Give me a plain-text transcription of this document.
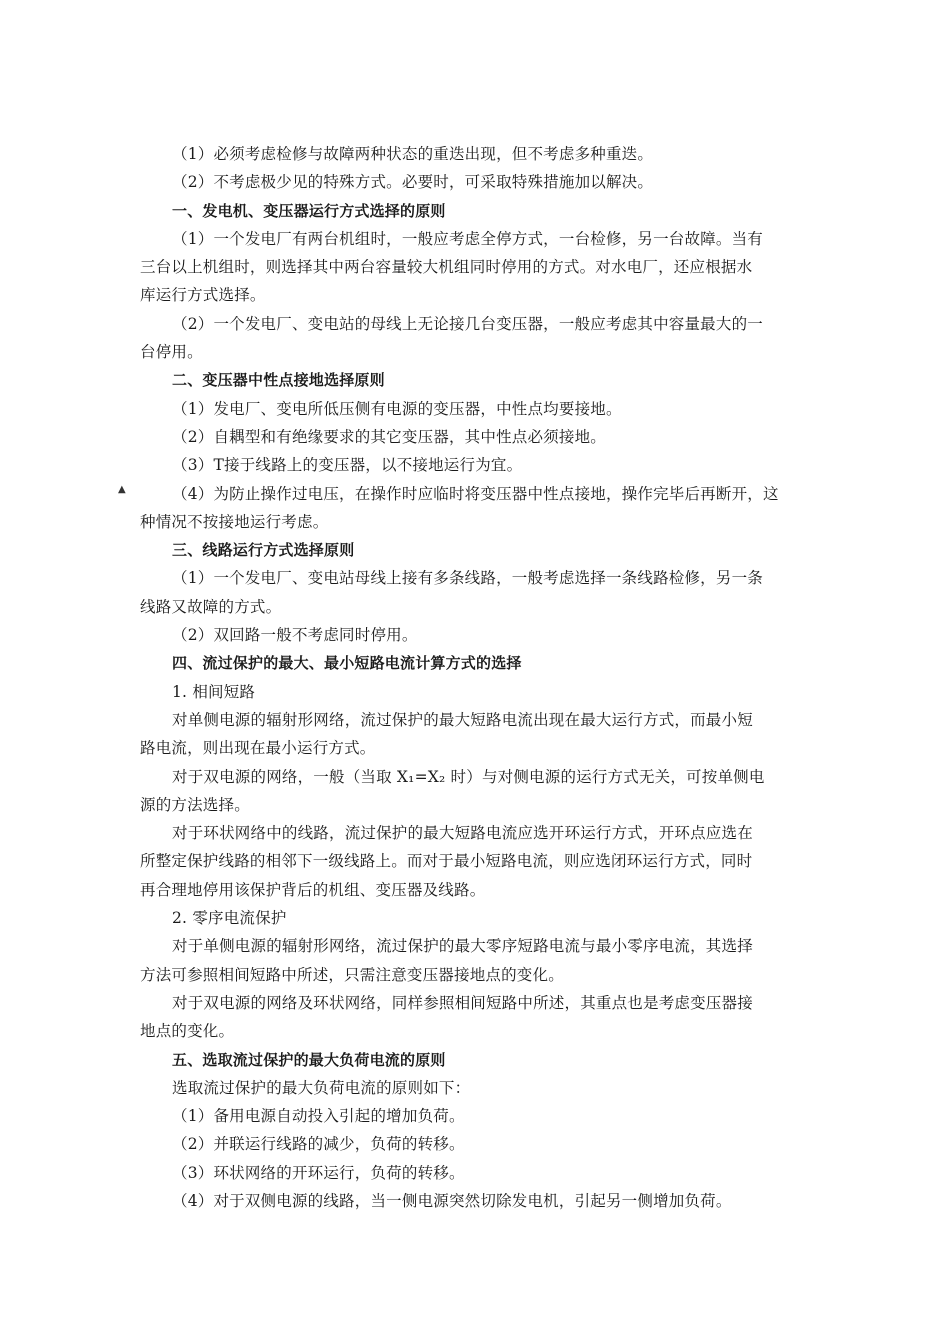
（1）必须考虑检修与故障两种状态的重迭出现，但不考虑多种重迭。
（2）不考虑极少见的特殊方式。必要时，可采取特殊措施加以解决。
一、发电机、变压器运行方式选择的原则
（1）一个发电厂有两台机组时，一般应考虑全停方式，一台检修，另一台故障。当有
三台以上机组时，则选择其中两台容量较大机组同时停用的方式。对水电厂，还应根据水
库运行方式选择。
（2）一个发电厂、变电站的母线上无论接几台变压器，一般应考虑其中容量最大的一
台停用。
二、变压器中性点接地选择原则
（1）发电厂、变电所低压侧有电源的变压器，中性点均要接地。
（2）自耦型和有绝缘要求的其它变压器，其中性点必须接地。
（3）T接于线路上的变压器，以不接地运行为宜。
（4）为防止操作过电压，在操作时应临时将变压器中性点接地，操作完毕后再断开，这
种情况不按接地运行考虑。
三、线路运行方式选择原则
（1）一个发电厂、变电站母线上接有多条线路，一般考虑选择一条线路检修，另一条
线路又故障的方式。
（2）双回路一般不考虑同时停用。
四、流过保护的最大、最小短路电流计算方式的选择
1. 相间短路
对单侧电源的辐射形网络，流过保护的最大短路电流出现在最大运行方式，而最小短
路电流，则出现在最小运行方式。
对于双电源的网络，一般（当取 X₁=X₂ 时）与对侧电源的运行方式无关，可按单侧电
源的方法选择。
对于环状网络中的线路，流过保护的最大短路电流应选开环运行方式，开环点应选在
所整定保护线路的相邻下一级线路上。而对于最小短路电流，则应选闭环运行方式，同时
再合理地停用该保护背后的机组、变压器及线路。
2. 零序电流保护
对于单侧电源的辐射形网络，流过保护的最大零序短路电流与最小零序电流，其选择
方法可参照相间短路中所述，只需注意变压器接地点的变化。
对于双电源的网络及环状网络，同样参照相间短路中所述，其重点也是考虑变压器接
地点的变化。
五、选取流过保护的最大负荷电流的原则
选取流过保护的最大负荷电流的原则如下：
（1）备用电源自动投入引起的增加负荷。
（2）并联运行线路的减少，负荷的转移。
（3）环状网络的开环运行，负荷的转移。
（4）对于双侧电源的线路，当一侧电源突然切除发电机，引起另一侧增加负荷。
▲
